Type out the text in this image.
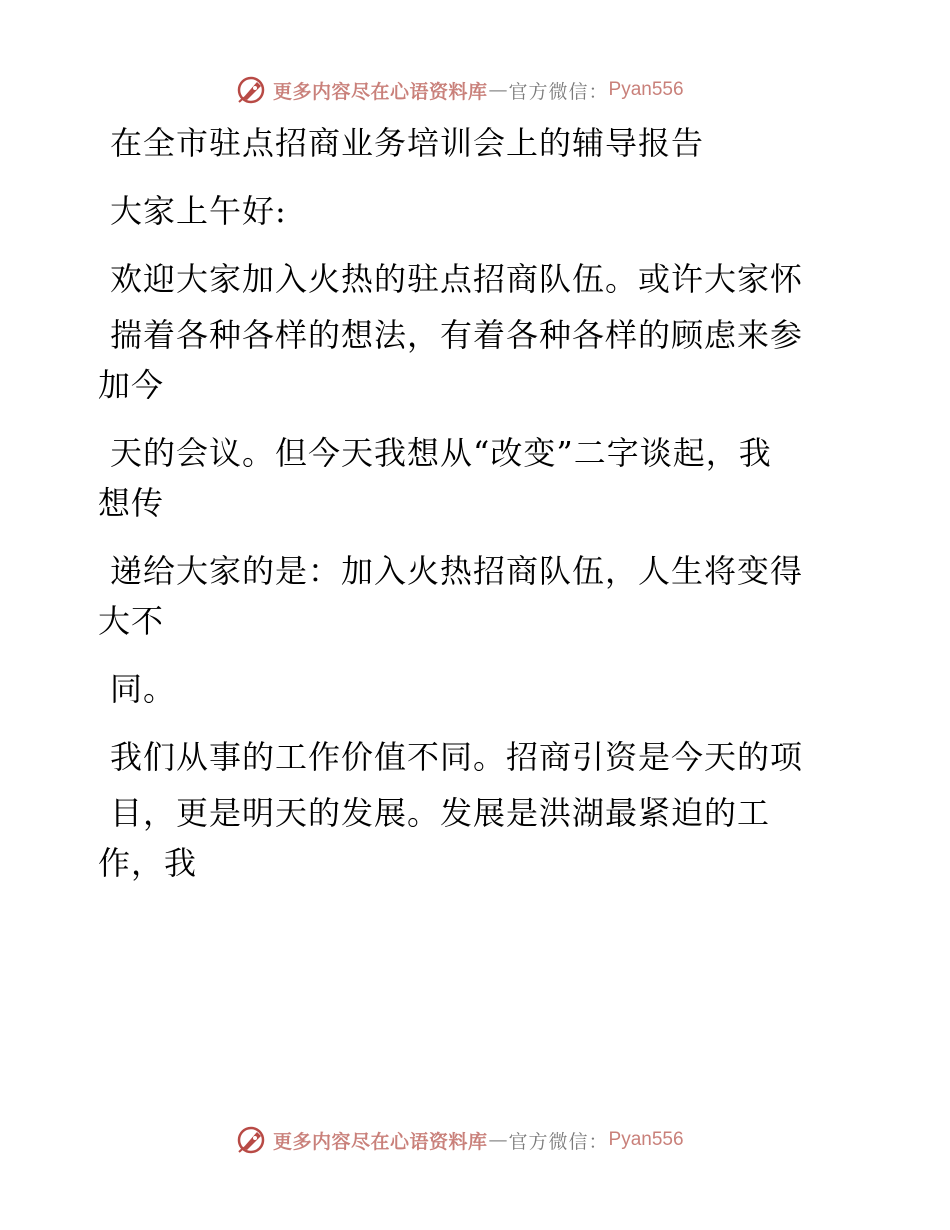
更多内容尽在心语资料库 — 官方微信： Pyan556
在全市驻点招商业务培训会上的辅导报告
大家上午好:
欢迎大家加入火热的驻点招商队伍。或许大家怀
揣着各种各样的想法，有着各种各样的顾虑来参
加今
天的会议。但今天我想从“改变”二字谈起，我
想传
递给大家的是：加入火热招商队伍，人生将变得
大不
同。
我们从事的工作价值不同。招商引资是今天的项
目，更是明天的发展。发展是洪湖最紧迫的工
作，我
更多内容尽在心语资料库 — 官方微信： Pyan556
